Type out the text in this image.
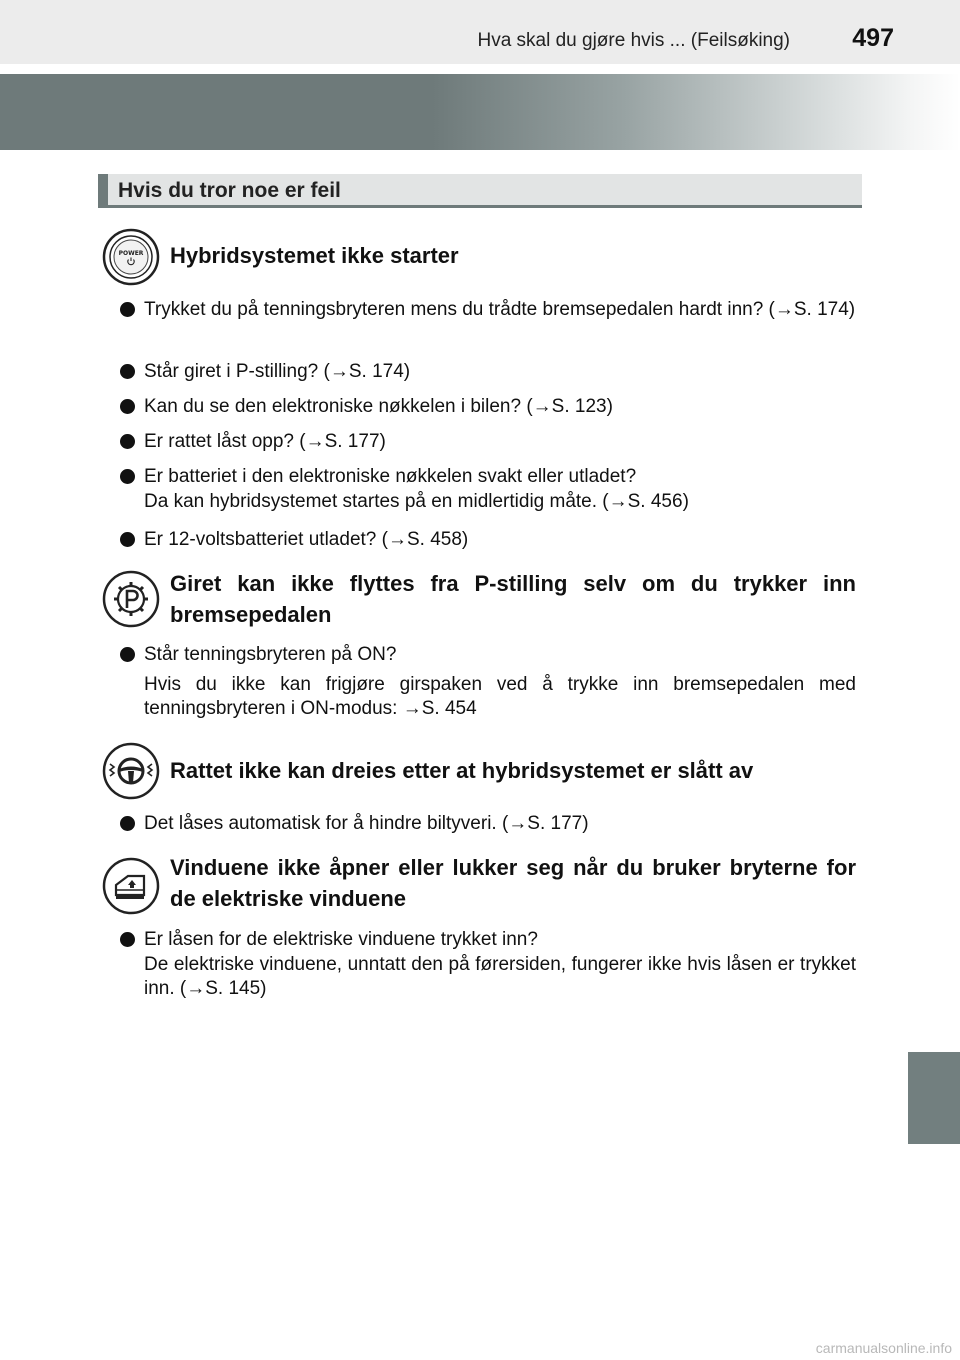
Hva skal du gjøre hvis ... (Feilsøking) 497
Hvis du tror noe er feil
POWER Hybridsystemet ikke starter
Trykket du på tenningsbryteren mens du trådte bremsepedalen hardt inn? (→S. 174)
Står giret i P-stilling? (→S. 174)
Kan du se den elektroniske nøkkelen i bilen? (→S. 123)
Er rattet låst opp? (→S. 177)
Er batteriet i den elektroniske nøkkelen svakt eller utladet?
Da kan hybridsystemet startes på en midlertidig måte. (→S. 456)
Er 12-voltsbatteriet utladet? (→S. 458)
Giret kan ikke flyttes fra P-stilling selv om du trykker inn bremsepedalen
Står tenningsbryteren på ON?
Hvis du ikke kan frigjøre girspaken ved å trykke inn bremsepedalen med tenningsbryteren i ON-modus: →S. 454
Rattet ikke kan dreies etter at hybridsystemet er slått av
Det låses automatisk for å hindre biltyveri. (→S. 177)
Vinduene ikke åpner eller lukker seg når du bruker bryterne for de elektriske vinduene
Er låsen for de elektriske vinduene trykket inn?
De elektriske vinduene, unntatt den på førersiden, fungerer ikke hvis låsen er trykket inn. (→S. 145)
carmanualsonline.info
